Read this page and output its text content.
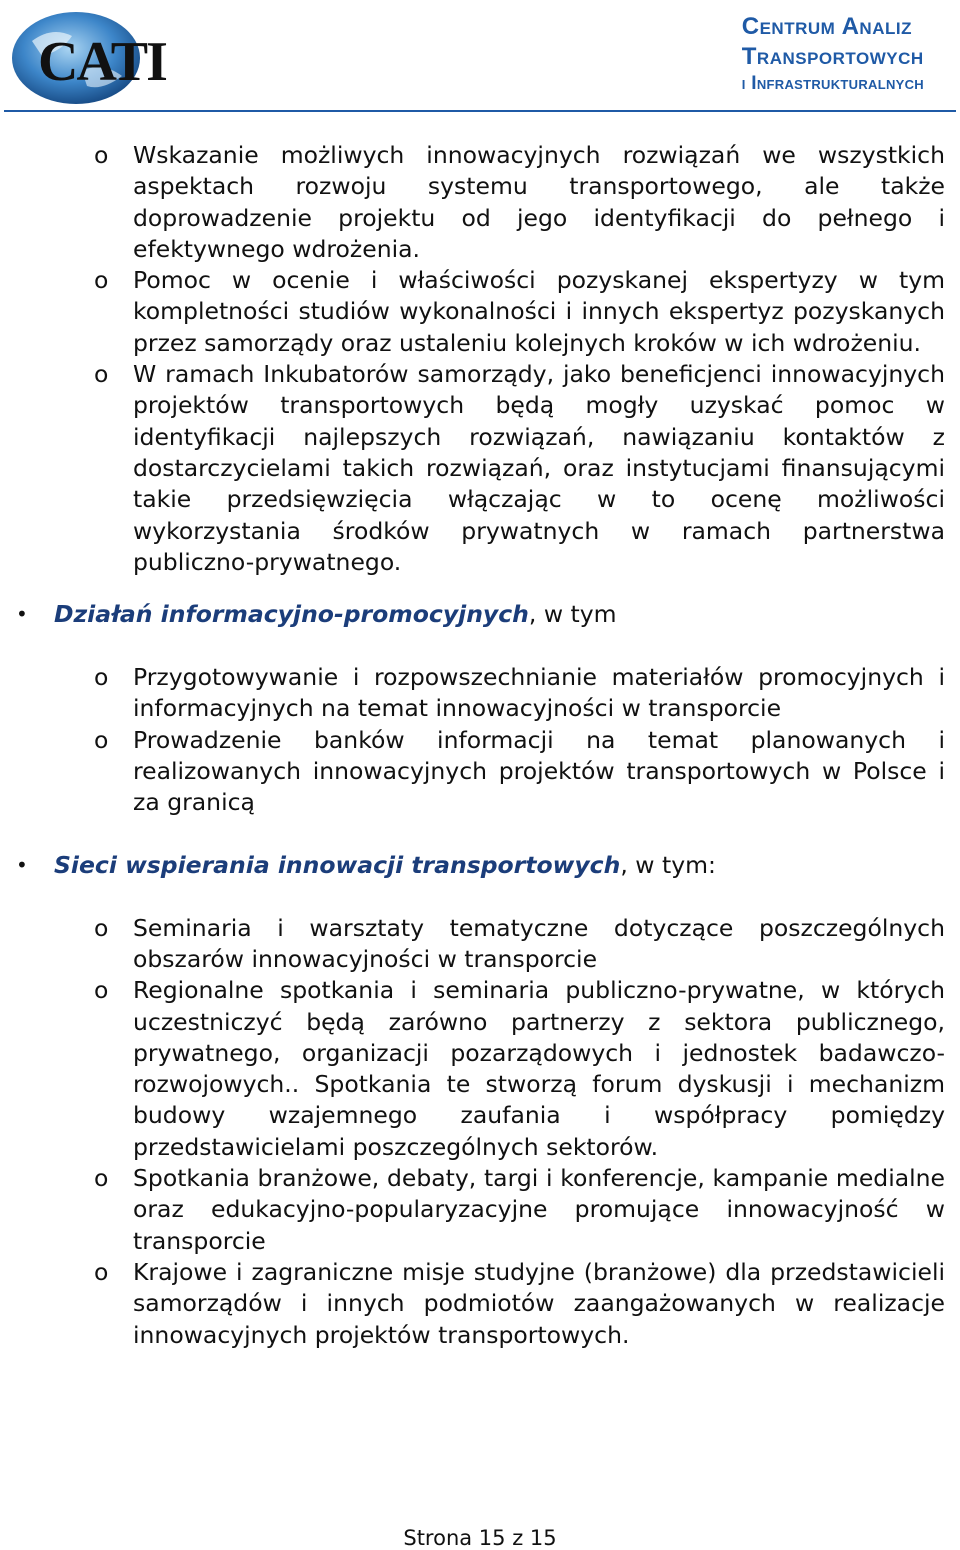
CATI
Centrum Analiz
Transportowych
i Infrastrukturalnych
o Wskazanie możliwych innowacyjnych rozwiązań we wszystkich aspektach rozwoju systemu transportowego, ale także doprowadzenie projektu od jego identyfikacji do pełnego i efektywnego wdrożenia.
o Pomoc w ocenie i właściwości pozyskanej ekspertyzy w tym kompletności studiów wykonalności i innych ekspertyz pozyskanych przez samorządy oraz ustaleniu kolejnych kroków w ich wdrożeniu.
o W ramach Inkubatorów samorządy, jako beneficjenci innowacyjnych projektów transportowych będą mogły uzyskać pomoc w identyfikacji najlepszych rozwiązań, nawiązaniu kontaktów z dostarczycielami takich rozwiązań, oraz instytucjami finansującymi takie przedsięwzięcia włączając w to ocenę możliwości wykorzystania środków prywatnych w ramach partnerstwa publiczno-prywatnego.
• Działań informacyjno-promocyjnych, w tym
o Przygotowywanie i rozpowszechnianie materiałów promocyjnych i informacyjnych na temat innowacyjności w transporcie
o Prowadzenie banków informacji na temat planowanych i realizowanych innowacyjnych projektów transportowych w Polsce i za granicą
• Sieci wspierania innowacji transportowych, w tym:
o Seminaria i warsztaty tematyczne dotyczące poszczególnych obszarów innowacyjności w transporcie
o Regionalne spotkania i seminaria publiczno-prywatne, w których uczestniczyć będą zarówno partnerzy z sektora publicznego, prywatnego, organizacji pozarządowych i jednostek badawczo-rozwojowych.. Spotkania te stworzą forum dyskusji i mechanizm budowy wzajemnego zaufania i współpracy pomiędzy przedstawicielami poszczególnych sektorów.
o Spotkania branżowe, debaty, targi i konferencje, kampanie medialne oraz edukacyjno-popularyzacyjne promujące innowacyjność w transporcie
o Krajowe i zagraniczne misje studyjne (branżowe) dla przedstawicieli samorządów i innych podmiotów zaangażowanych w realizacje innowacyjnych projektów transportowych.
Strona 15 z 15
